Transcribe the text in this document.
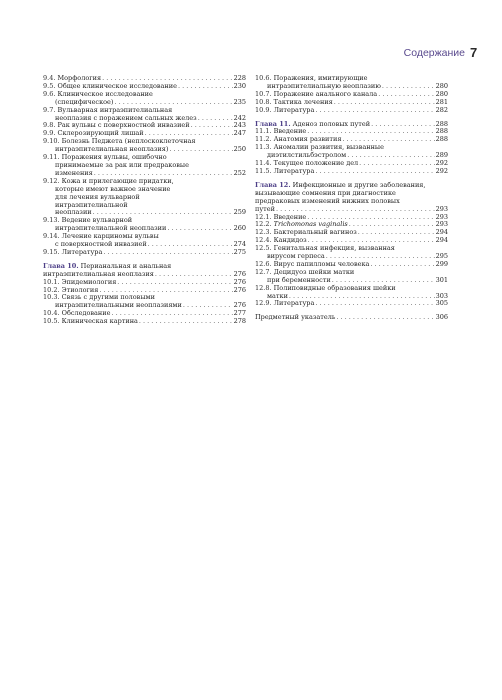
Содержание 7
9.4. Морфология . . .	228
9.5. Общее клиническое исследование . . .	230
9.6. Клиническое исследование
(специфическое) . . .	235
9.7. Вульварная интраэпителиальная
неоплазия с поражением сальных желез . . .	242
9.8. Рак вульвы с поверхностной инвазией . . .	243
9.9. Склерозирующий лишай . . .	247
9.10. Болезнь Педжета (неплоскоклеточная
интраэпителиальная неоплазия) . . .	250
9.11. Поражения вульвы, ошибочно
принимаемые за рак или предраковые
изменения . . .	252
9.12. Кожа и прилегающие придатки,
которые имеют важное значение
для лечения вульварной
интраэпителиальной
неоплазии . . .	259
9.13. Ведение вульварной
интраэпителиальной неоплазии . . .	260
9.14. Лечение карциномы вульвы
с поверхностной инвазией . . .	274
9.15. Литература . . .	275
Глава 10. Перианальная и анальная
интраэпителиальная неоплазия . . .	276
10.1. Эпидемиология . . .	276
10.2. Этиология . . .	276
10.3. Связь с другими половыми
интраэпителиальными неоплазиями . . .	276
10.4. Обследование . . .	277
10.5. Клиническая картина . . .	278
10.6. Поражения, имитирующие
интраэпителиальную неоплазию . . .	280
10.7. Поражение анального канала . . .	280
10.8. Тактика лечения . . .	281
10.9. Литература . . .	282
Глава 11. Аденоз половых путей . . .	288
11.1. Введение . . .	288
11.2. Анатомия развития . . .	288
11.3. Аномалии развития, вызванные
диэтилстильбэстролом . . .	289
11.4. Текущее положение дел . . .	292
11.5. Литература . . .	292
Глава 12. Инфекционные и другие заболевания,
вызывающие сомнения при диагностике
предраковых изменений нижних половых
путей . . .	293
12.1. Введение . . .	293
12.2. Trichomonas vaginalis . . .	293
12.3. Бактериальный вагиноз . . .	294
12.4. Кандидоз . . .	294
12.5. Генитальная инфекция, вызванная
вирусом герпеса . . .	295
12.6. Вирус папилломы человека . . .	299
12.7. Децидуоз шейки матки
при беременности . . .	301
12.8. Полиповидные образования шейки
матки . . .	303
12.9. Литература . . .	305
Предметный указатель . . .	306
